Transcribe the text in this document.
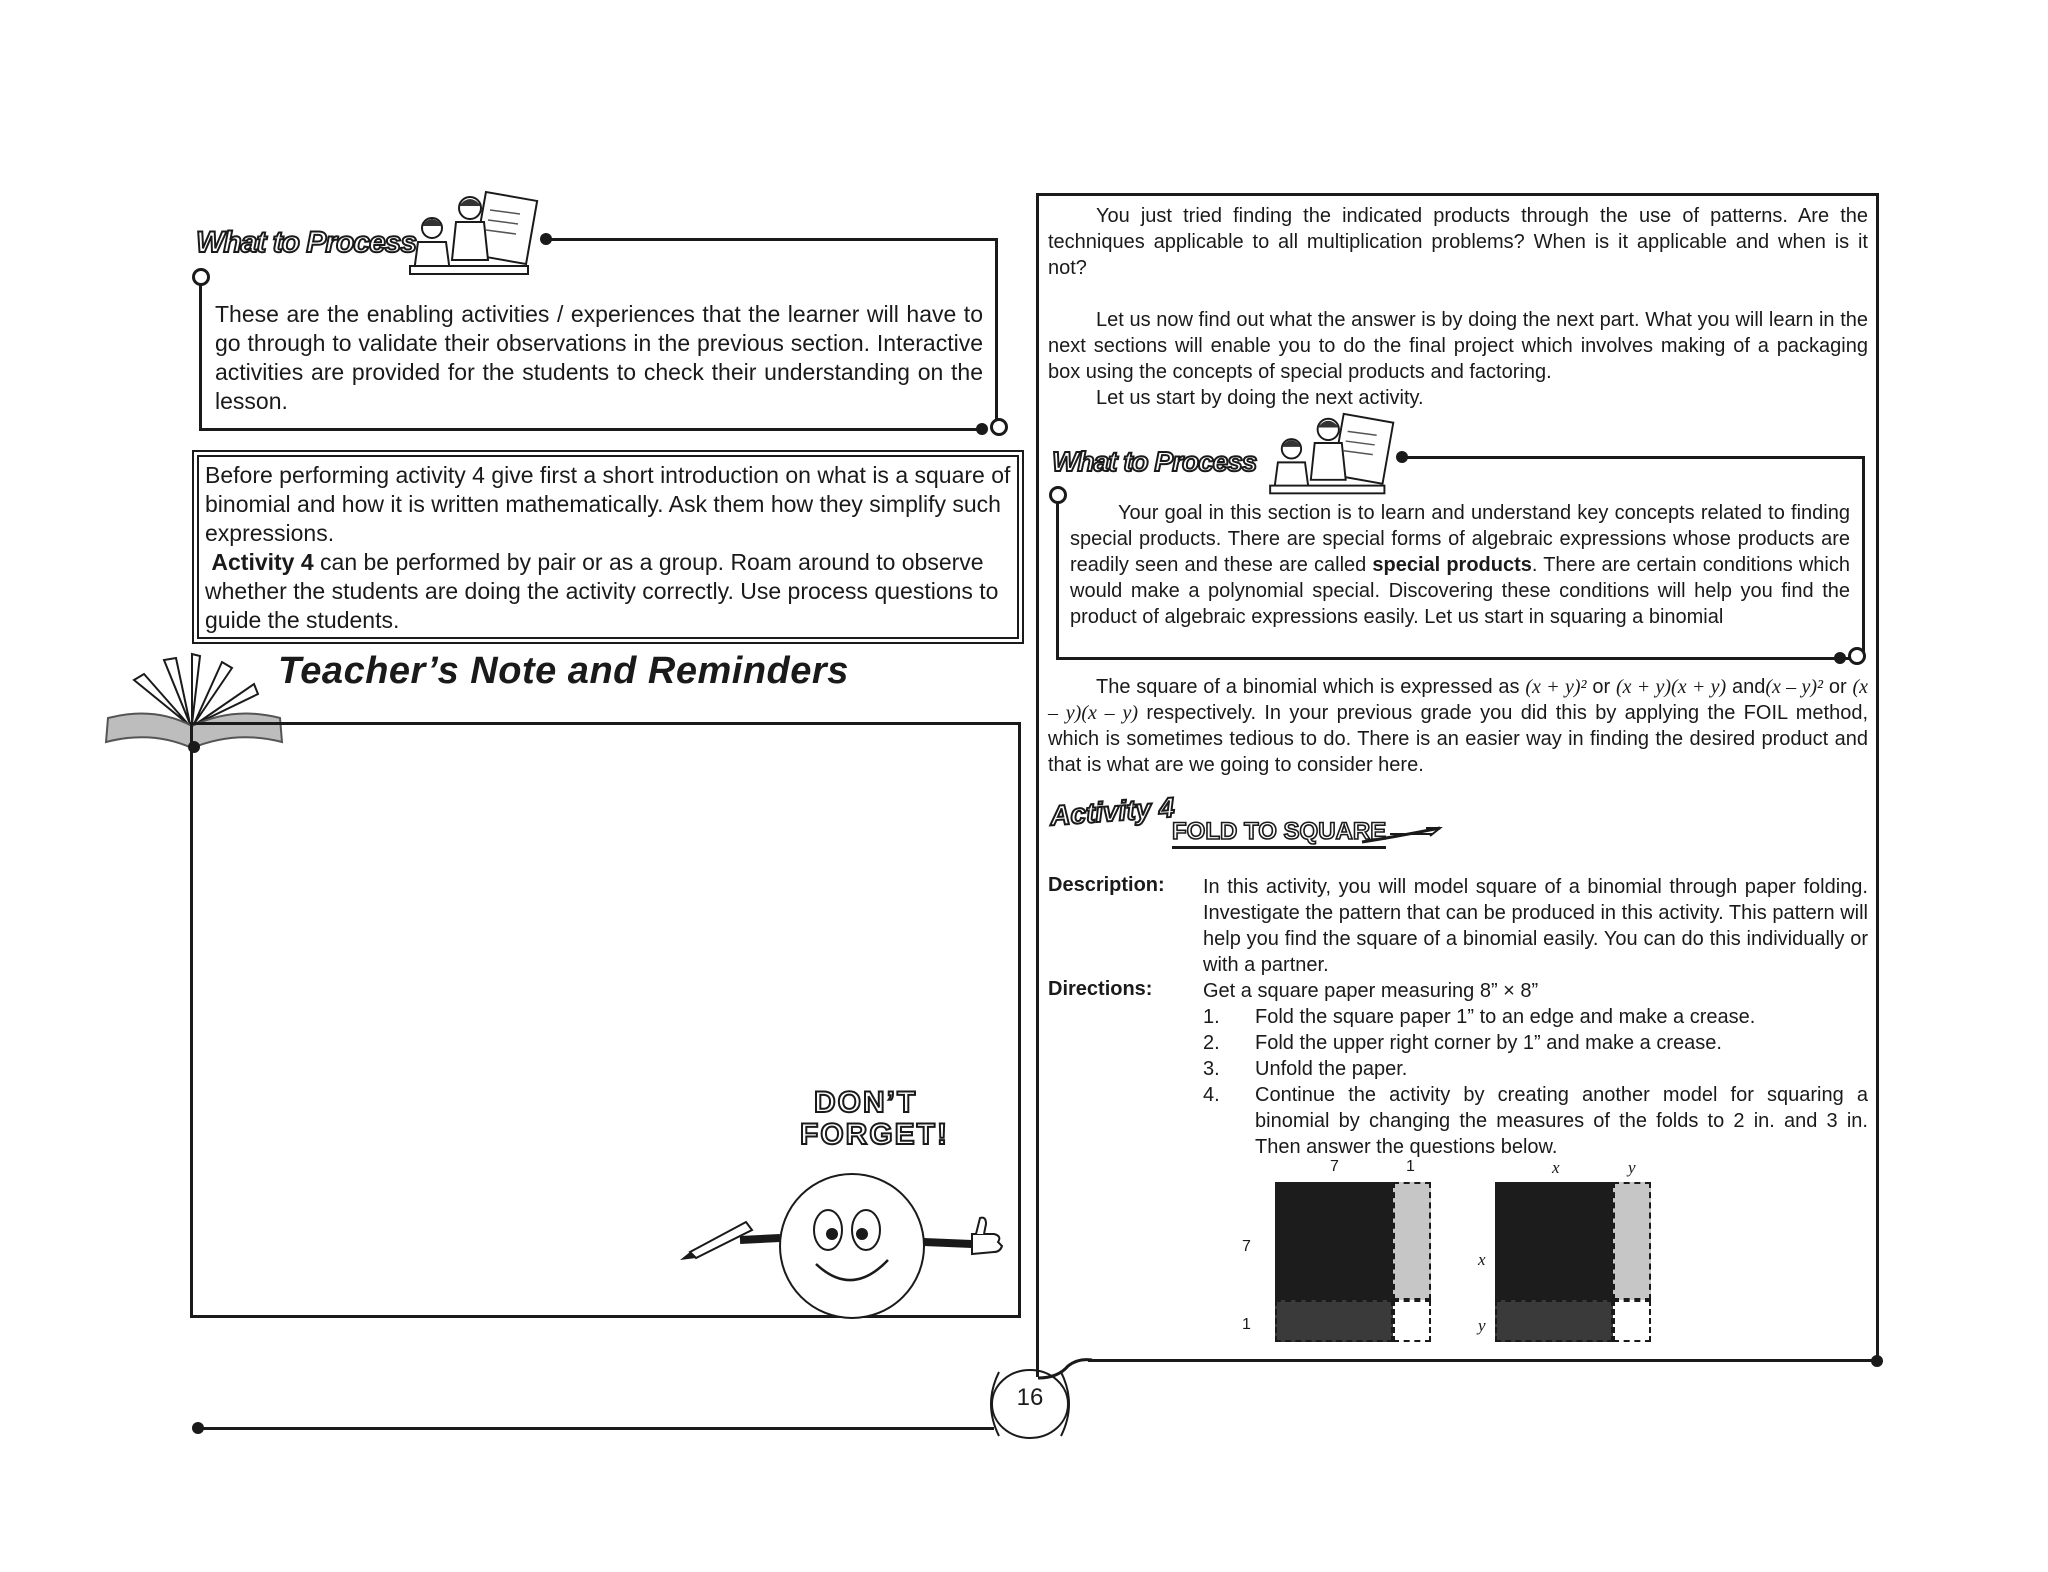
What to Process
These are the enabling activities / experiences that the learner will have to go through to validate their observations in the previous section. Interactive activities are provided for the students to check their understanding on the lesson.
Before performing activity 4 give first a short introduction on what is a square of binomial and how it is written mathematically. Ask them how they simplify such expressions.
Activity 4 can be performed by pair or as a group. Roam around to observe whether the students are doing the activity correctly. Use process questions to guide the students.
Teacher’s Note and Reminders
DON’T
FORGET!
16

You just tried finding the indicated products through the use of patterns. Are the techniques applicable to all multiplication problems? When is it applicable and when is it not?

Let us now find out what the answer is by doing the next part. What you will learn in the next sections will enable you to do the final project which involves making of a packaging box using the concepts of special products and factoring.

Let us start by doing the next activity.

What to Process

Your goal in this section is to learn and understand key concepts related to finding special products. There are special forms of algebraic expressions whose products are readily seen and these are called special products. There are certain conditions which would make a polynomial special. Discovering these conditions will help you find the product of algebraic expressions easily. Let us start in squaring a binomial

The square of a binomial which is expressed as (x + y)² or (x + y)(x + y) and(x – y)² or (x – y)(x – y) respectively. In your previous grade you did this by applying the FOIL method, which is sometimes tedious to do. There is an easier way in finding the desired product and that is what are we going to consider here.

Activity 4
FOLD TO SQUARE
Description: In this activity, you will model square of a binomial through paper folding. Investigate the pattern that can be produced in this activity. This pattern will help you find the square of a binomial easily. You can do this individually or with a partner.
Directions:	Get a square paper measuring 8” × 8”
1.	Fold the square paper 1” to an edge and make a crease.
2.	Fold the upper right corner by 1” and make a crease.
3.	Unfold the paper.
4.	Continue the activity by creating another model for squaring a binomial by changing the measures of the folds to 2 in. and 3 in. Then answer the questions below.
7	1
7
1
x	y
x
y
